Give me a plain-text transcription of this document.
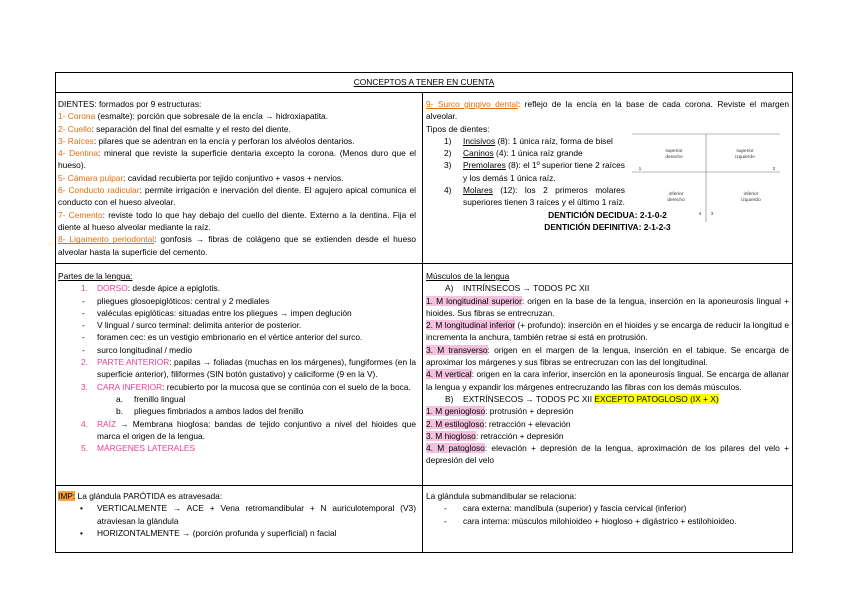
CONCEPTOS A TENER EN CUENTA

DIENTES: formados por 9 estructuras:

1- Corona (esmalte): porción que sobresale de la encía → hidroxiapatita.

2- Cuello: separación del final del esmalte y el resto del diente.

3- Raíces: pilares que se adentran en la encía y perforan los alvéolos dentarios.

4- Dentina: mineral que reviste la superficie dentaria excepto la corona. (Menos duro que el hueso).

5- Cámara pulpar: cavidad recubierta por tejido conjuntivo + vasos + nervios.

6- Conducto radicular: permite irrigación e inervación del diente. El agujero apical comunica el conducto con el hueso alveolar.

7- Cemento: reviste todo lo que hay debajo del cuello del diente. Externo a la dentina. Fija el diente al hueso alveolar mediante la raíz.

8- Ligamento periodontal: gonfosis → fibras de colágeno que se extienden desde el hueso alveolar hasta la superficie del cemento.

9- Surco gingivo dental: reflejo de la encía en la base de cada corona. Reviste el margen alveolar.

Tipos de dientes:

1) Incisivos (8): 1 única raíz, forma de bisel
2) Caninos (4): 1 única raíz grande
3) Premolares (8): el 1º superior tiene 2 raíces y los demás 1 única raíz.
4) Molares (12): los 2 primeros molares superiores tienen 3 raíces y el último 1 raíz.

DENTICIÓN DECIDUA: 2-1-0-2

DENTICIÓN DEFINITIVA: 2-1-2-3

superior
derecho
superior
izquierdo
inferior
derecho
inferior
izquierdo
1	2
4 3

Partes de la lengua:

1. DORSO: desde ápice a epiglotis.
- pliegues glosoepiglóticos: central y 2 mediales
- valéculas epiglóticas: situadas entre los pliegues → impen deglución
- V lingual / surco terminal: delimita anterior de posterior.
- foramen cec: es un vestigio embrionario en el vértice anterior del surco.
- surco longitudinal / medio
2. PARTE ANTERIOR: papilas → foliadas (muchas en los márgenes), fungiformes (en la superficie anterior), filiformes (SIN botón gustativo) y caliciforme (9 en la V).
3. CARA INFERIOR: recubierto por la mucosa que se continúa con el suelo de la boca.
a. frenillo lingual
b. pliegues fimbriados a ambos lados del frenillo
4. RAÍZ → Membrana hioglosa: bandas de tejido conjuntivo a nivel del hioides que marca el origen de la lengua.
5. MÁRGENES LATERALES

Músculos de la lengua

A) INTRÍNSECOS → TODOS PC XII

1. M longitudinal superior: origen en la base de la lengua, inserción en la aponeurosis lingual + hioides. Sus fibras se entrecruzan.

2. M longitudinal inferior (+ profundo): inserción en el hioides y se encarga de reducir la longitud e incrementa la anchura, también retrae si está en protrusión.

3. M transverso: origen en el margen de la lengua, inserción en el tabique. Se encarga de aproximar los márgenes y sus fibras se entrecruzan con las del longitudinal.

4. M vertical: origen en la cara inferior, inserción en la aponeurosis lingual. Se encarga de allanar la lengua y expandir los márgenes entrecruzando las fibras con los demás músculos.

B) EXTRÍNSECOS → TODOS PC XII EXCEPTO PATOGLOSO (IX + X)

1. M geniogloso: protrusión + depresión

2. M estilogloso: retracción + elevación

3. M hiogloso: retracción + depresión

4. M patogloso: elevación + depresión de la lengua, aproximación de los pilares del velo + depresión del velo

IMP: La glándula PARÓTIDA es atravesada:

• VERTICALMENTE → ACE + Vena retromandibular + N auriculotemporal (V3) atraviesan la glándula
• HORIZONTALMENTE → (porción profunda y superficial) n facial

La glándula submandibular se relaciona:

- cara externa: mandíbula (superior) y fascia cervical (inferior)
- cara interna: músculos milohioideo + hiogloso + digástrico + estilohioideo.
